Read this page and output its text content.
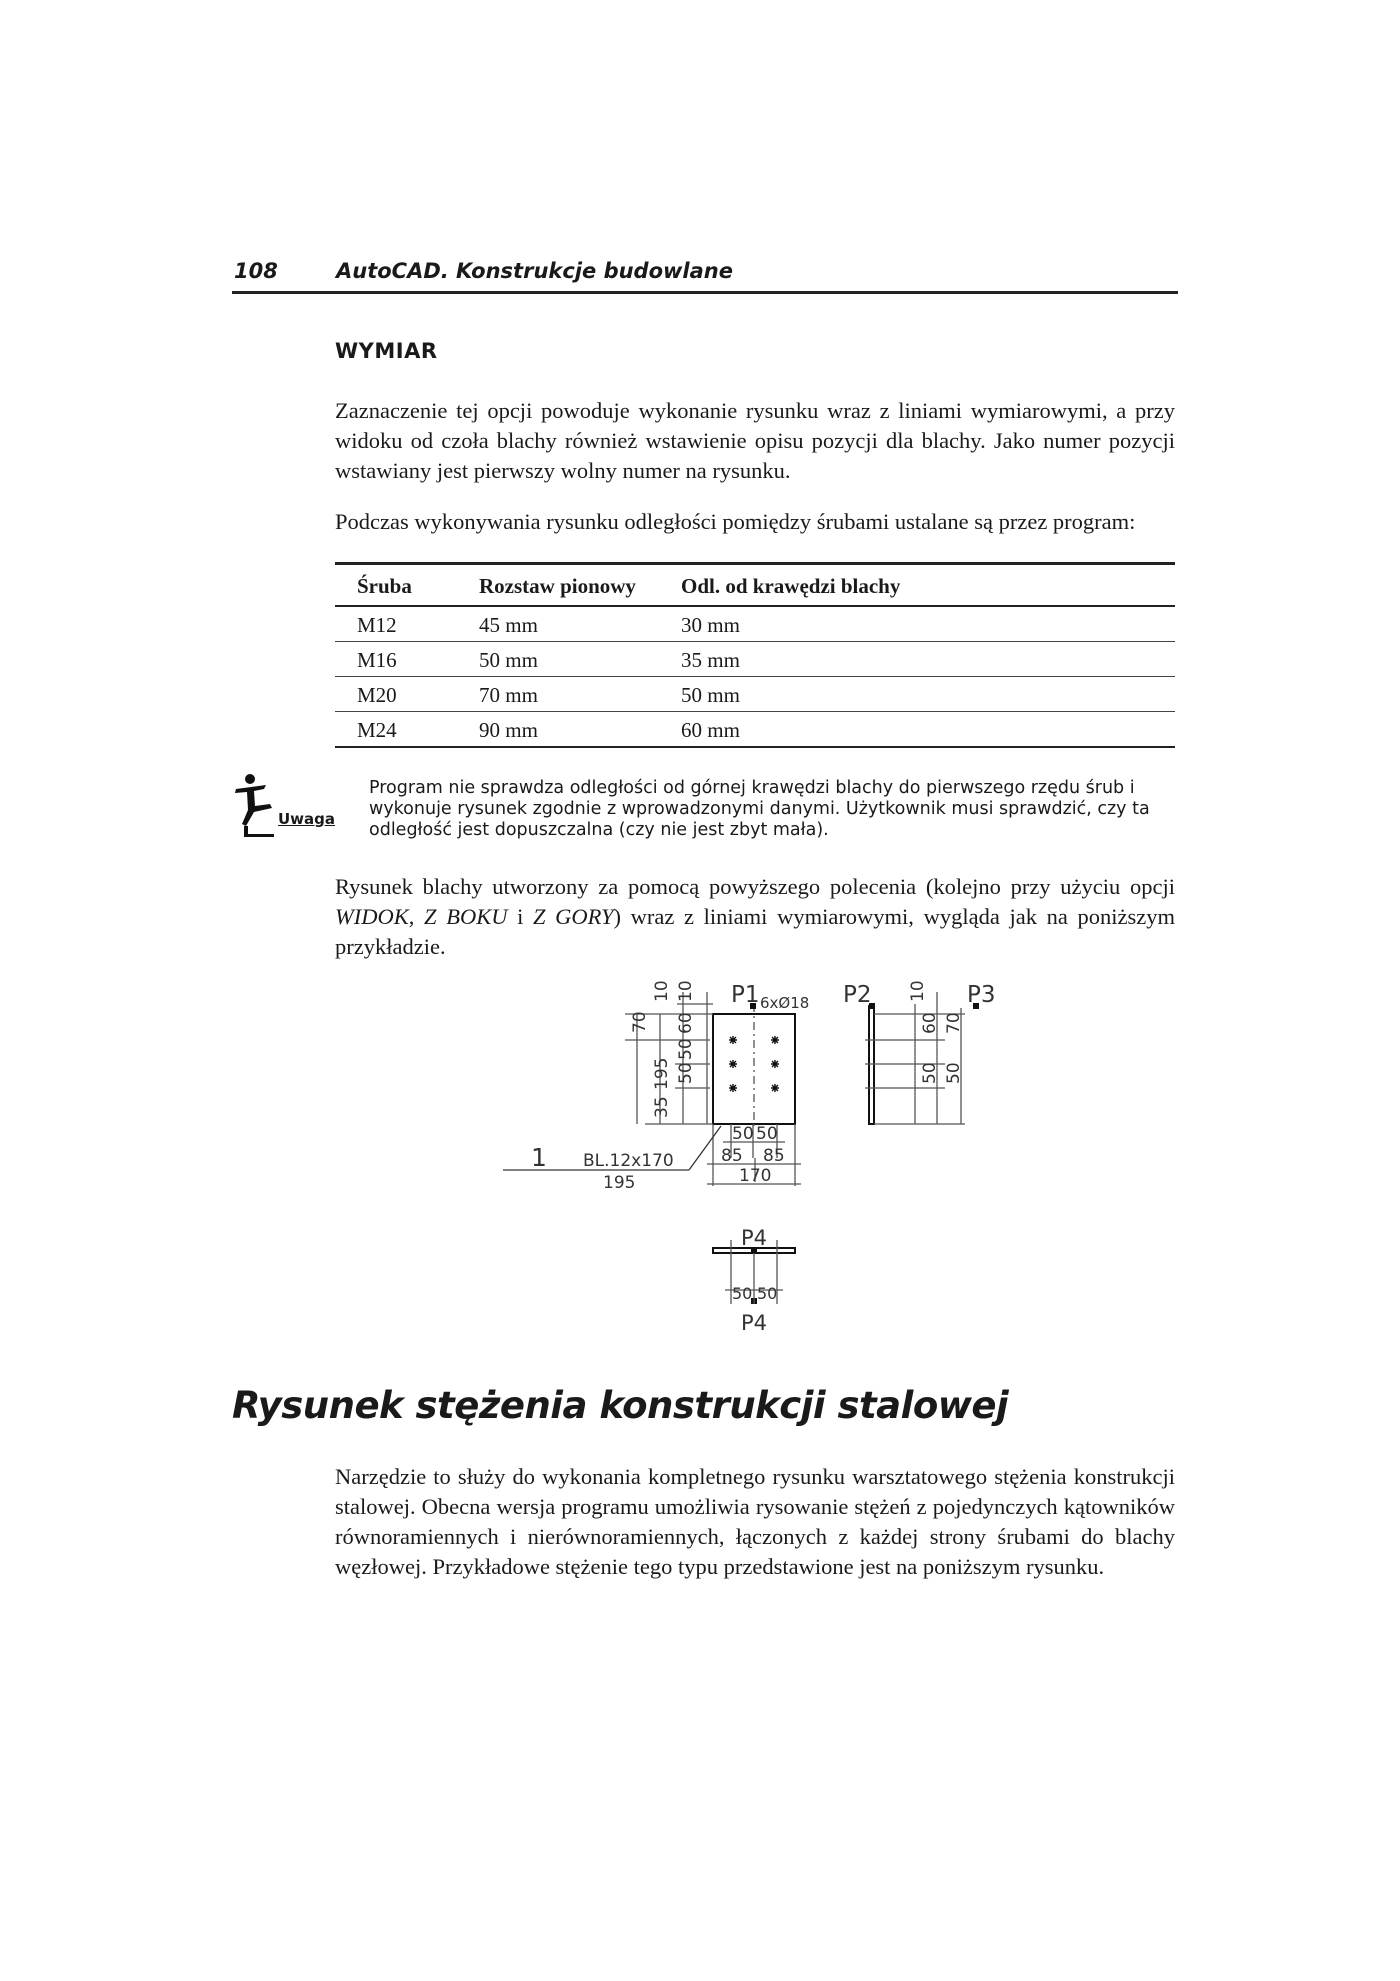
108	AutoCAD. Konstrukcje budowlane
WYMIAR
Zaznaczenie tej opcji powoduje wykonanie rysunku wraz z liniami wymiarowymi, a przy widoku od czoła blachy również wstawienie opisu pozycji dla blachy. Jako numer pozycji wstawiany jest pierwszy wolny numer na rysunku.
Podczas wykonywania rysunku odległości pomiędzy śrubami ustalane są przez program:
Śruba	Rozstaw pionowy	Odl. od krawędzi blachy
M12	45 mm	30 mm
M16	50 mm	35 mm
M20	70 mm	50 mm
M24	90 mm	60 mm
Uwaga
Program nie sprawdza odległości od górnej krawędzi blachy do pierwszego rzędu śrub i wykonuje rysunek zgodnie z wprowadzonymi danymi. Użytkownik musi sprawdzić, czy ta odległość jest dopuszczalna (czy nie jest zbyt mała).
Rysunek blachy utworzony za pomocą powyższego polecenia (kolejno przy użyciu opcji WIDOK, Z BOKU i Z GORY) wraz z liniami wymiarowymi, wygląda jak na poniższym przykładzie.
70
195
10 10
60
50
50
35
P1 6xØ18 P2	P3
10
60 70
50 50
50 50
85 85
170
1 BL.12x170
195
P4
50 50
P4
Rysunek stężenia konstrukcji stalowej
Narzędzie to służy do wykonania kompletnego rysunku warsztatowego stężenia konstrukcji stalowej. Obecna wersja programu umożliwia rysowanie stężeń z pojedynczych kątowników równoramiennych i nierównoramiennych, łączonych z każdej strony śrubami do blachy węzłowej. Przykładowe stężenie tego typu przedstawione jest na poniższym rysunku.
